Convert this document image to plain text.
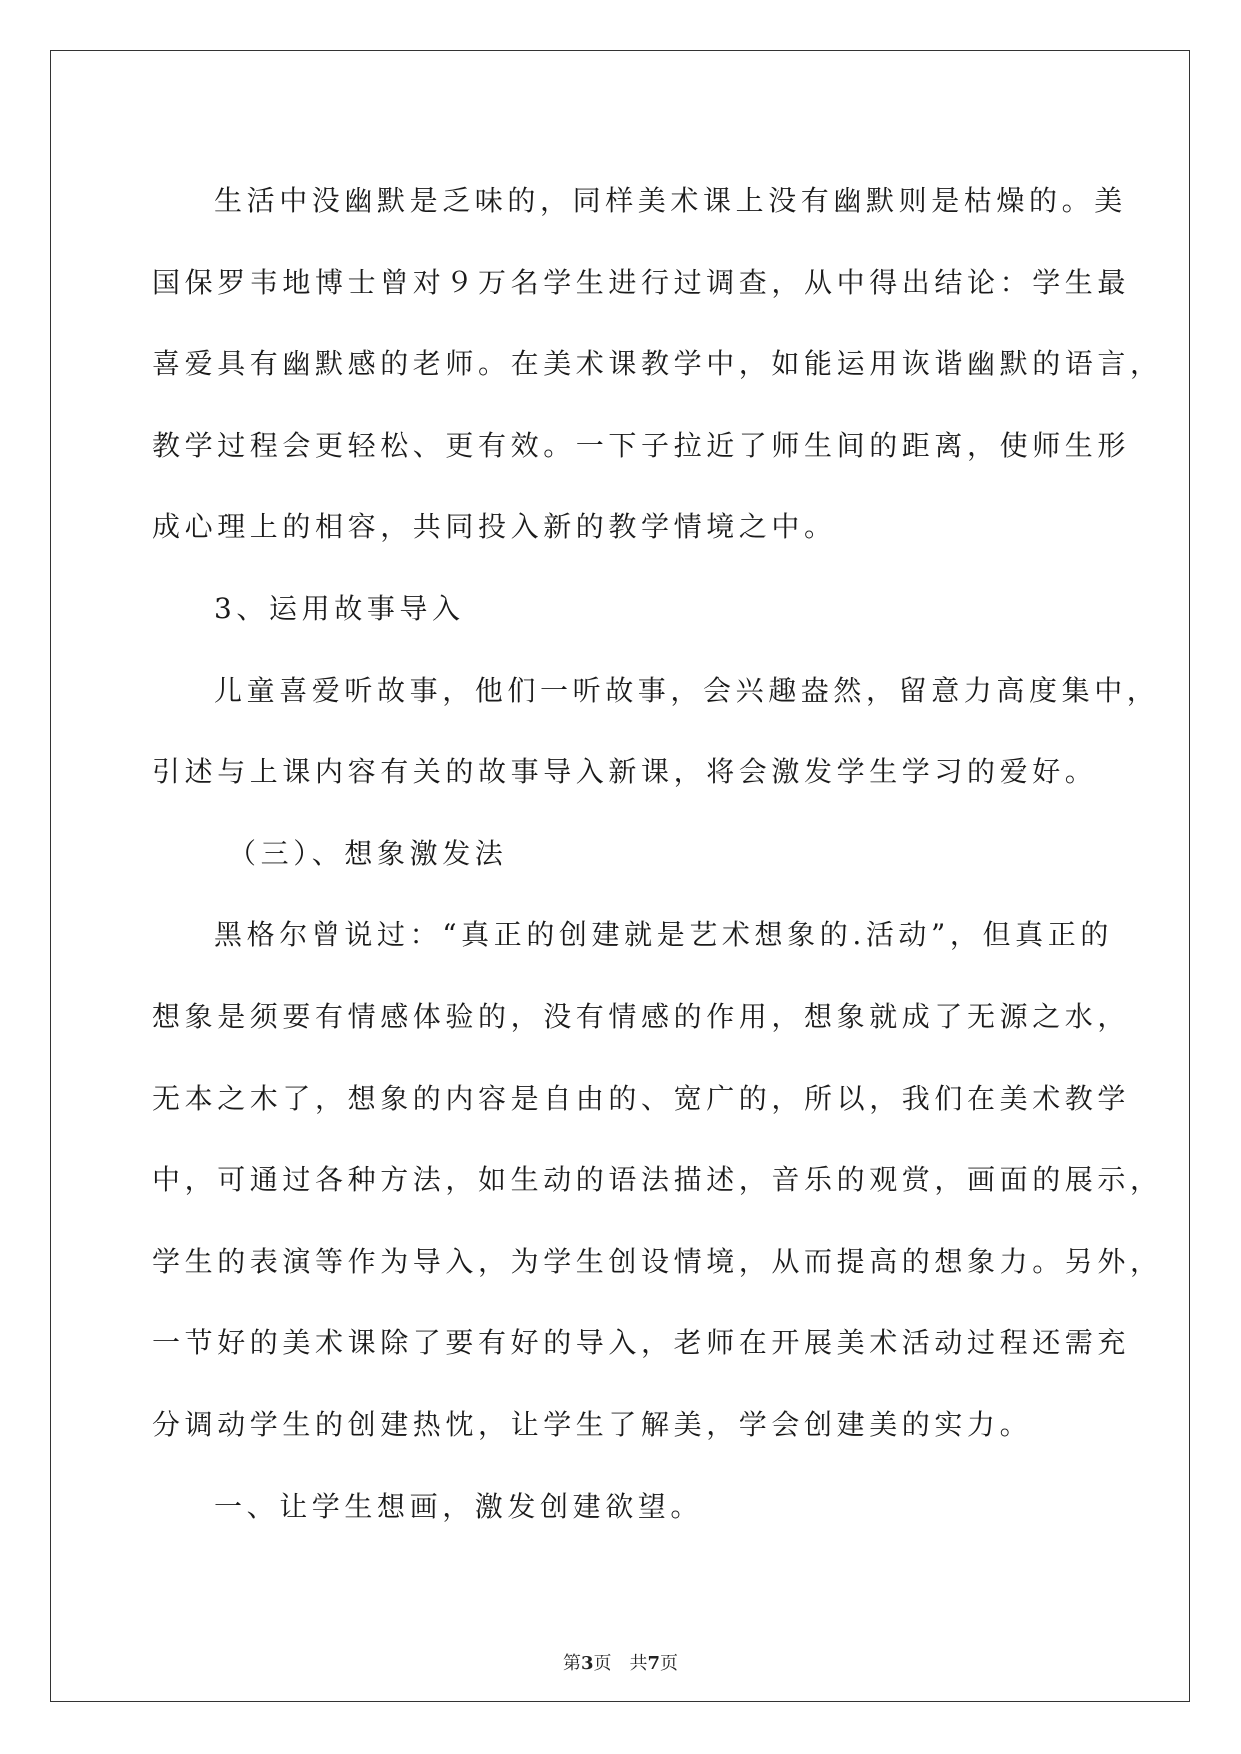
生活中没幽默是乏味的，同样美术课上没有幽默则是枯燥的。美
国保罗韦地博士曾对９万名学生进行过调查，从中得出结论：学生最
喜爱具有幽默感的老师。在美术课教学中，如能运用诙谐幽默的语言，
教学过程会更轻松、更有效。一下子拉近了师生间的距离，使师生形
成心理上的相容，共同投入新的教学情境之中。
3、运用故事导入
儿童喜爱听故事，他们一听故事，会兴趣盎然，留意力高度集中，
引述与上课内容有关的故事导入新课，将会激发学生学习的爱好。
（三）、想象激发法
黑格尔曾说过：“真正的创建就是艺术想象的.活动”，但真正的
想象是须要有情感体验的，没有情感的作用，想象就成了无源之水，
无本之木了，想象的内容是自由的、宽广的，所以，我们在美术教学
中，可通过各种方法，如生动的语法描述，音乐的观赏，画面的展示，
学生的表演等作为导入，为学生创设情境，从而提高的想象力。另外，
一节好的美术课除了要有好的导入，老师在开展美术活动过程还需充
分调动学生的创建热忱，让学生了解美，学会创建美的实力。
一、让学生想画，激发创建欲望。
第3页 共7页
